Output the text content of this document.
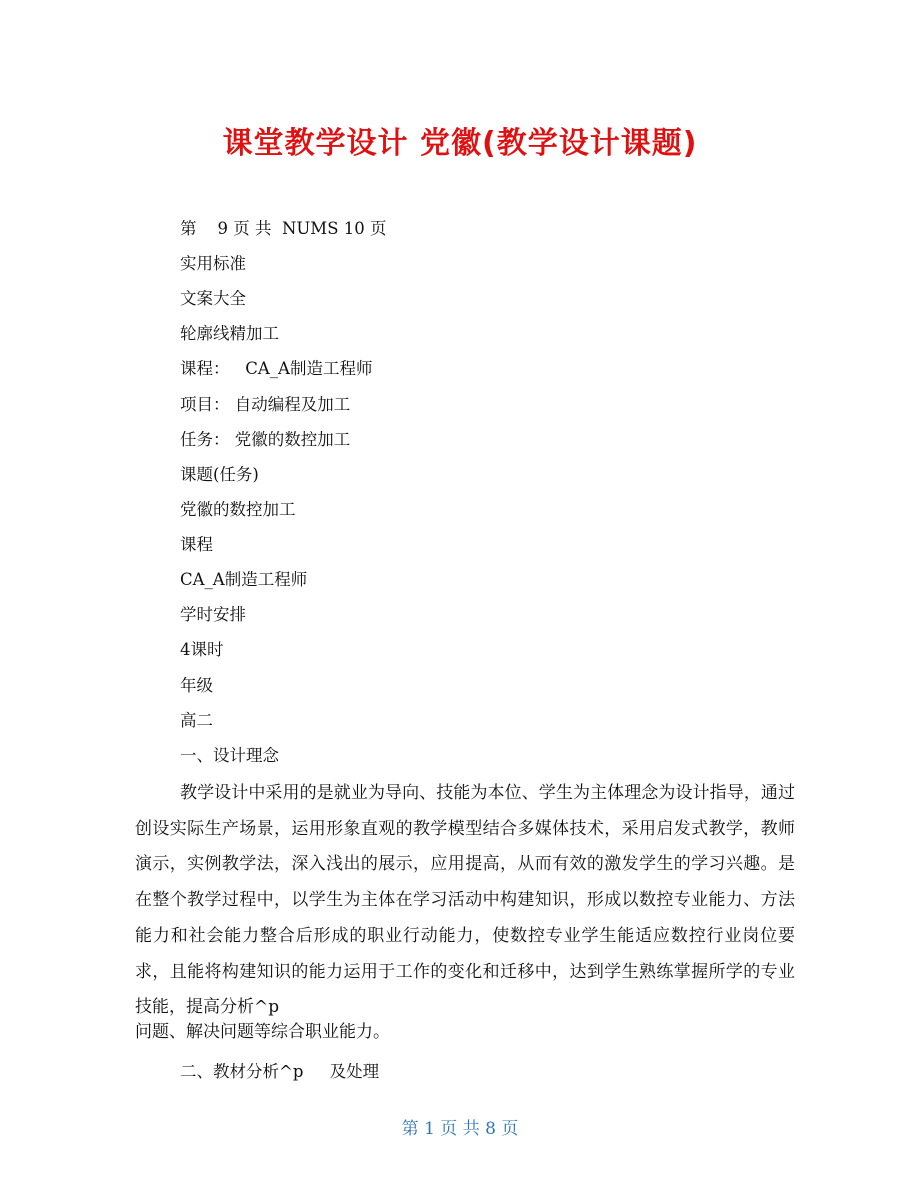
课堂教学设计 党徽(教学设计课题)
第    9 页 共  NUMS 10 页
实用标准
文案大全
轮廓线精加工
课程：   CA_A制造工程师
项目： 自动编程及加工
任务： 党徽的数控加工
课题(任务)
党徽的数控加工
课程
CA_A制造工程师
学时安排
4课时
年级
高二
一、设计理念

教学设计中采用的是就业为导向、技能为本位、学生为主体理念为设计指导，通过创设实际生产场景，运用形象直观的教学模型结合多媒体技术，采用启发式教学，教师演示，实例教学法，深入浅出的展示，应用提高，从而有效的激发学生的学习兴趣。是在整个教学过程中，以学生为主体在学习活动中构建知识，形成以数控专业能力、方法能力和社会能力整合后形成的职业行动能力，使数控专业学生能适应数控行业岗位要求，且能将构建知识的能力运用于工作的变化和迁移中，达到学生熟练掌握所学的专业技能，提高分析^p

问题、解决问题等综合职业能力。
二、教材分析^p     及处理
第 1 页 共 8 页
